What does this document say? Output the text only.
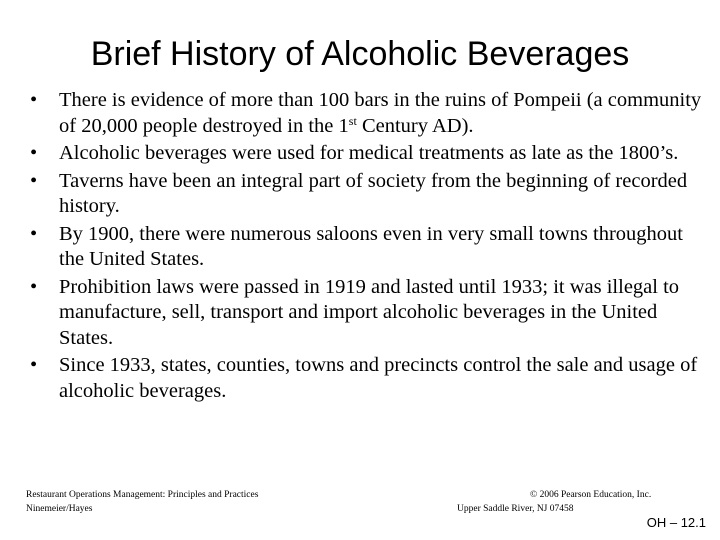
Brief History of Alcoholic Beverages
•	There is evidence of more than 100 bars in the ruins of Pompeii (a community of 20,000 people destroyed in the 1st Century AD).
•	Alcoholic beverages were used for medical treatments as late as the 1800’s.
•	Taverns have been an integral part of society from the beginning of recorded history.
•	By 1900, there were numerous saloons even in very small towns throughout the United States.
•	Prohibition laws were passed in 1919 and lasted until 1933; it was illegal to manufacture, sell, transport and import alcoholic beverages in the United States.
•	Since 1933, states, counties, towns and precincts control the sale and usage of alcoholic beverages.
Restaurant Operations Management: Principles and Practices
Ninemeier/Hayes
© 2006 Pearson Education, Inc.
Upper Saddle River, NJ 07458
OH – 12.1
